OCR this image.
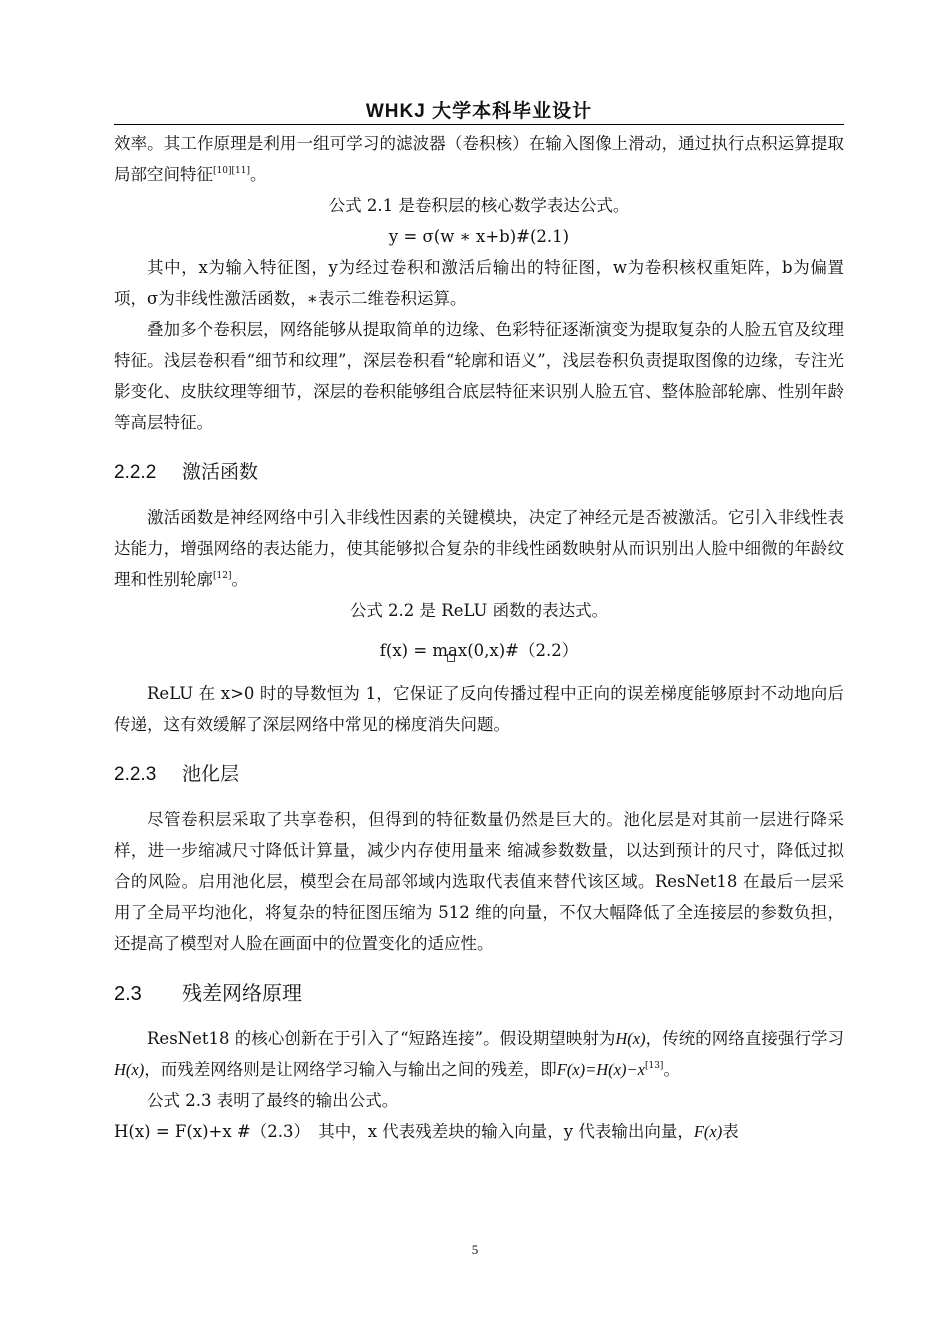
WHKJ 大学本科毕业设计

效率。其工作原理是利用一组可学习的滤波器（卷积核）在输入图像上滑动，通过执行点积运算提取局部空间特征[10][11]。

公式 2.1 是卷积层的核心数学表达公式。

y = σ(w ∗ x+b)#(2.1)

其中，x为输入特征图，y为经过卷积和激活后输出的特征图，w为卷积核权重矩阵，b为偏置项，σ为非线性激活函数，∗表示二维卷积运算。

叠加多个卷积层，网络能够从提取简单的边缘、色彩特征逐渐演变为提取复杂的人脸五官及纹理特征。浅层卷积看“细节和纹理”，深层卷积看“轮廓和语义”，浅层卷积负责提取图像的边缘，专注光影变化、皮肤纹理等细节，深层的卷积能够组合底层特征来识别人脸五官、整体脸部轮廓、性别年龄等高层特征。

2.2.2 激活函数

激活函数是神经网络中引入非线性因素的关键模块，决定了神经元是否被激活。它引入非线性表达能力，增强网络的表达能力，使其能够拟合复杂的非线性函数映射从而识别出人脸中细微的年龄纹理和性别轮廓[12]。

公式 2.2 是 ReLU 函数的表达式。

f(x) = max
(0,x)#（2.2）

ReLU 在 x>0 时的导数恒为 1，它保证了反向传播过程中正向的误差梯度能够原封不动地向后传递，这有效缓解了深层网络中常见的梯度消失问题。

2.2.3 池化层

尽管卷积层采取了共享卷积，但得到的特征数量仍然是巨大的。池化层是对其前一层进行降采样，进一步缩减尺寸降低计算量，减少内存使用量来 缩减参数数量，以达到预计的尺寸，降低过拟合的风险。启用池化层，模型会在局部邻域内选取代表值来替代该区域。ResNet18 在最后一层采用了全局平均池化，将复杂的特征图压缩为 512 维的向量，不仅大幅降低了全连接层的参数负担，还提高了模型对人脸在画面中的位置变化的适应性。

2.3 残差网络原理

ResNet18 的核心创新在于引入了“短路连接”。假设期望映射为H(x)，传统的网络直接强行学习H(x)，而残差网络则是让网络学习输入与输出之间的残差，即F(x)=H(x)−x[13]。

公式 2.3 表明了最终的输出公式。

H(x) = F(x)+x #（2.3）　其中，x 代表残差块的输入向量，y 代表输出向量，F(x)表

5
